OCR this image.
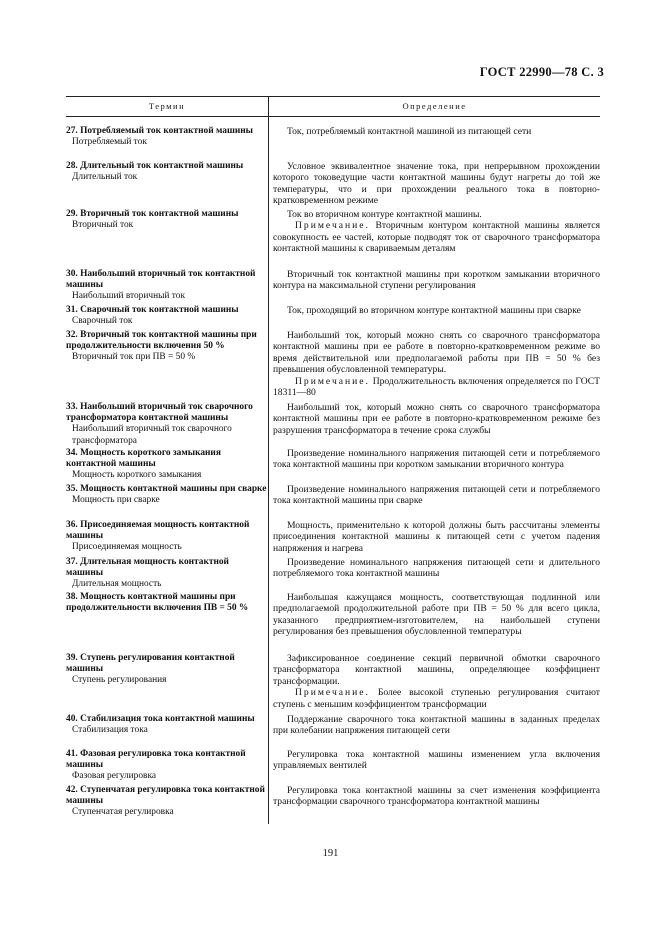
ГОСТ 22990—78 С. 3
Термин	Определение
27. Потребляемый ток контактной машины
Потребляемый ток
Ток, потребляемый контактной машиной из питающей сети
28. Длительный ток контактной машины
Длительный ток
Условное эквивалентное значение тока, при непрерывном прохождении которого токоведущие части контактной машины будут нагреты до той же температуры, что и при прохождении реального тока в повторно-кратковременном режиме
29. Вторичный ток контактной машины
Вторичный ток
Ток во вторичном контуре контактной машины.
Примечание. Вторичным контуром контактной машины является совокупность ее частей, которые подводят ток от сварочного трансформатора контактной машины к свариваемым деталям
30. Наибольший вторичный ток контактной машины
Наибольший вторичный ток
Вторичный ток контактной машины при коротком замыкании вторичного контура на максимальной ступени регулирования
31. Сварочный ток контактной машины
Сварочный ток
Ток, проходящий во вторичном контуре контактной машины при сварке
32. Вторичный ток контактной машины при продолжительности включения 50 %
Вторичный ток при ПВ = 50 %
Наибольший ток, который можно снять со сварочного трансформатора контактной машины при ее работе в повторно-кратковременном режиме во время действительной или предполагаемой работы при ПВ = 50 % без превышения обусловленной температуры.
Примечание. Продолжительность включения определяется по ГОСТ 18311—80
33. Наибольший вторичный ток сварочного трансформатора контактной машины
Наибольший вторичный ток сварочного трансформатора
Наибольший ток, который можно снять со сварочного трансформатора контактной машины при ее работе в повторно-кратковременном режиме без разрушения трансформатора в течение срока службы
34. Мощность короткого замыкания контактной машины
Мощность короткого замыкания
Произведение номинального напряжения питающей сети и потребляемого тока контактной машины при коротком замыкании вторичного контура
35. Мощность контактной машины при сварке
Мощность при сварке
Произведение номинального напряжения питающей сети и потребляемого тока контактной машины при сварке
36. Присоединяемая мощность контактной машины
Присоединяемая мощность
Мощность, применительно к которой должны быть рассчитаны элементы присоединения контактной машины к питающей сети с учетом падения напряжения и нагрева
37. Длительная мощность контактной машины
Длительная мощность
Произведение номинального напряжения питающей сети и длительного потребляемого тока контактной машины
38. Мощность контактной машины при продолжительности включения ПВ = 50 %
Наибольшая кажущаяся мощность, соответствующая подлинной или предполагаемой продолжительной работе при ПВ = 50 % для всего цикла, указанного предприятием-изготовителем, на наибольшей ступени регулирования без превышения обусловленной температуры
39. Ступень регулирования контактной машины
Ступень регулирования
Зафиксированное соединение секций первичной обмотки сварочного трансформатора контактной машины, определяющее коэффициент трансформации.
Примечание. Более высокой ступенью регулирования считают ступень с меньшим коэффициентом трансформации
40. Стабилизация тока контактной машины
Стабилизация тока
Поддержание сварочного тока контактной машины в заданных пределах при колебании напряжения питающей сети
41. Фазовая регулировка тока контактной машины
Фазовая регулировка
Регулировка тока контактной машины изменением угла включения управляемых вентилей
42. Ступенчатая регулировка тока контактной машины
Ступенчатая регулировка
Регулировка тока контактной машины за счет изменения коэффициента трансформации сварочного трансформатора контактной машины
191
